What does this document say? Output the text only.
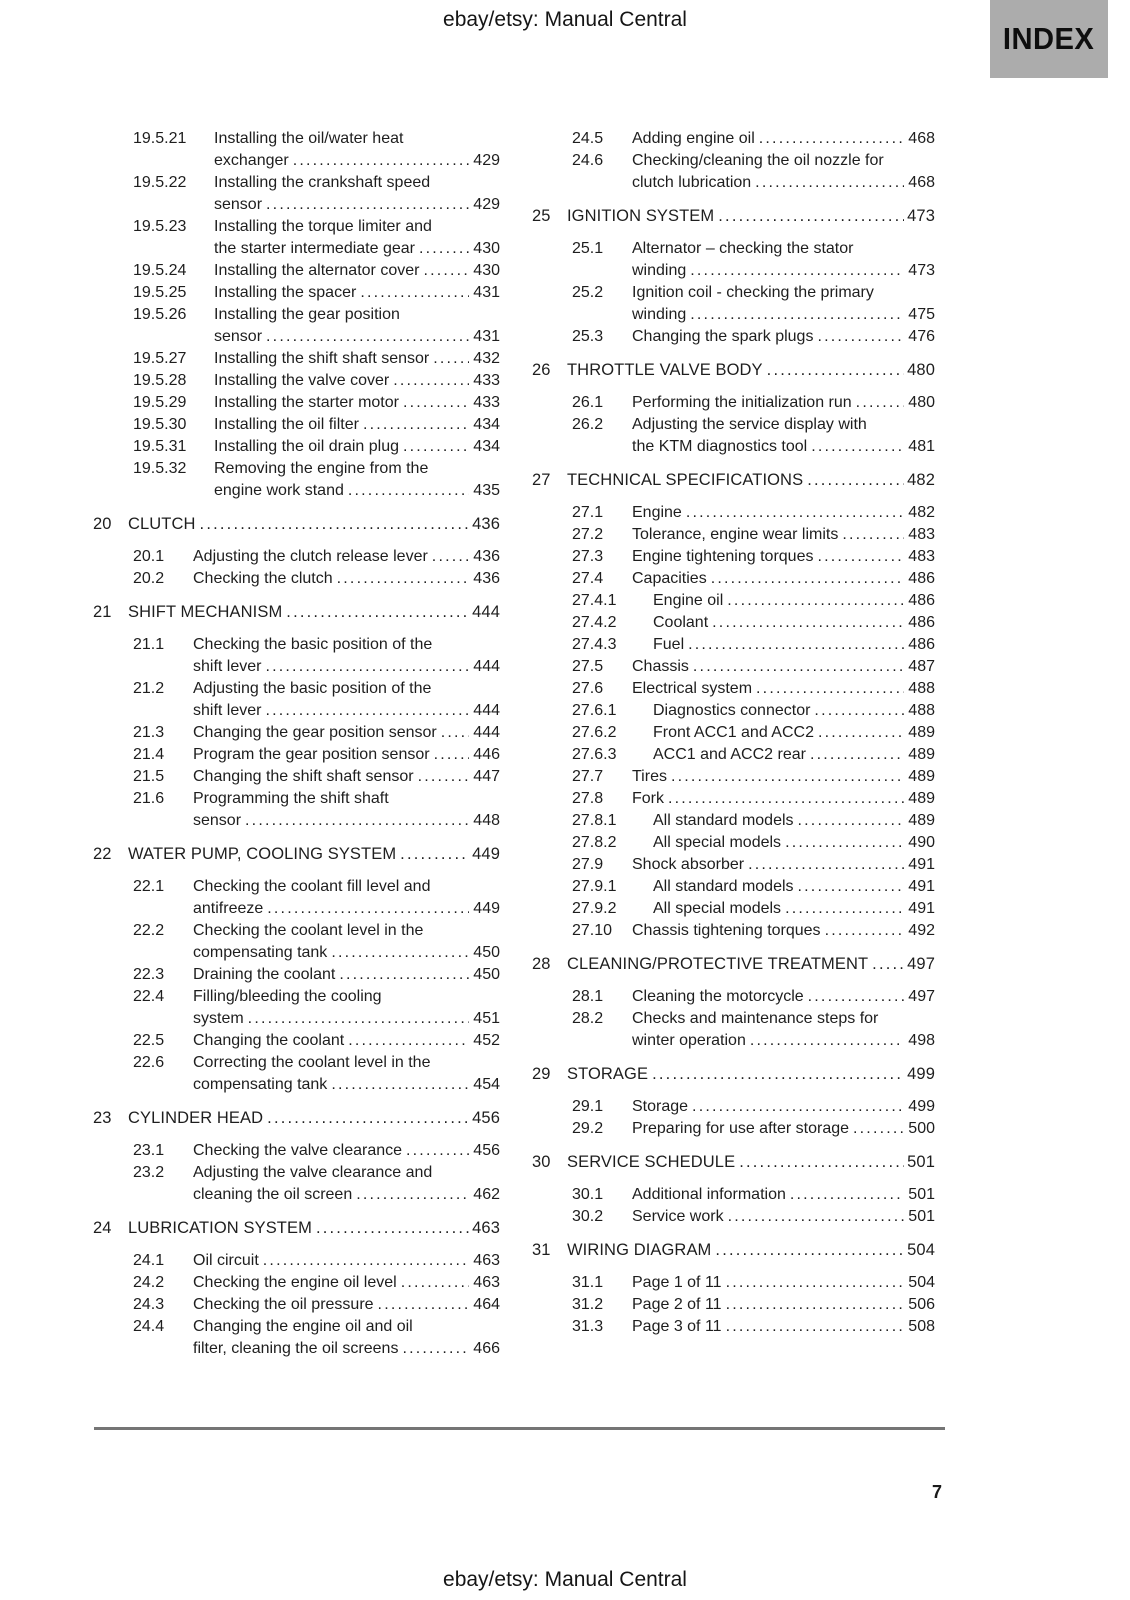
ebay/etsy: Manual Central
INDEX
19.5.21	Installing the oil/water heat
exchanger .....	429
19.5.22	Installing the crankshaft speed
sensor .....	429
19.5.23	Installing the torque limiter and
the starter intermediate gear .....	430
19.5.24	Installing the alternator cover .....	430
19.5.25	Installing the spacer .....	431
19.5.26	Installing the gear position
sensor .....	431
19.5.27	Installing the shift shaft sensor .....	432
19.5.28	Installing the valve cover .....	433
19.5.29	Installing the starter motor .....	433
19.5.30	Installing the oil filter .....	434
19.5.31	Installing the oil drain plug .....	434
19.5.32	Removing the engine from the
engine work stand .....	435
20 CLUTCH .....	436
20.1	Adjusting the clutch release lever .....	436
20.2	Checking the clutch .....	436
21 SHIFT MECHANISM .....	444
21.1	Checking the basic position of the
shift lever .....	444
21.2	Adjusting the basic position of the
shift lever .....	444
21.3	Changing the gear position sensor ..... 444
21.4	Program the gear position sensor .....	446
21.5	Changing the shift shaft sensor .....	447
21.6	Programming the shift shaft
sensor .....	448
22 WATER PUMP, COOLING SYSTEM .....	449
22.1	Checking the coolant fill level and
antifreeze .....	449
22.2	Checking the coolant level in the
compensating tank .....	450
22.3	Draining the coolant .....	450
22.4	Filling/bleeding the cooling
system .....	451
22.5	Changing the coolant .....	452
22.6	Correcting the coolant level in the
compensating tank .....	454
23 CYLINDER HEAD .....	456
23.1	Checking the valve clearance .....	456
23.2	Adjusting the valve clearance and
cleaning the oil screen .....	462
24 LUBRICATION SYSTEM .....	463
24.1	Oil circuit .....	463
24.2	Checking the engine oil level .....	463
24.3	Checking the oil pressure .....	464
24.4	Changing the engine oil and oil
filter, cleaning the oil screens .....	466
24.5	Adding engine oil .....	468
24.6	Checking/cleaning the oil nozzle for
clutch lubrication .....	468
25 IGNITION SYSTEM .....	473
25.1	Alternator – checking the stator
winding .....	473
25.2	Ignition coil - checking the primary
winding .....	475
25.3	Changing the spark plugs .....	476
26 THROTTLE VALVE BODY .....	480
26.1	Performing the initialization run .....	480
26.2	Adjusting the service display with
the KTM diagnostics tool .....	481
27 TECHNICAL SPECIFICATIONS .....	482
27.1	Engine .....	482
27.2	Tolerance, engine wear limits .....	483
27.3	Engine tightening torques .....	483
27.4	Capacities .....	486
27.4.1	Engine oil .....	486
27.4.2	Coolant .....	486
27.4.3	Fuel .....	486
27.5	Chassis .....	487
27.6	Electrical system .....	488
27.6.1	Diagnostics connector .....	488
27.6.2	Front ACC1 and ACC2 .....	489
27.6.3	ACC1 and ACC2 rear .....	489
27.7	Tires .....	489
27.8	Fork .....	489
27.8.1	All standard models .....	489
27.8.2	All special models .....	490
27.9	Shock absorber .....	491
27.9.1	All standard models .....	491
27.9.2	All special models .....	491
27.10	Chassis tightening torques .....	492
28 CLEANING/PROTECTIVE TREATMENT ..... 497
28.1	Cleaning the motorcycle .....	497
28.2	Checks and maintenance steps for
winter operation .....	498
29 STORAGE .....	499
29.1	Storage .....	499
29.2	Preparing for use after storage .....	500
30 SERVICE SCHEDULE .....	501
30.1	Additional information .....	501
30.2	Service work .....	501
31 WIRING DIAGRAM .....	504
31.1	Page 1 of 11 .....	504
31.2	Page 2 of 11 .....	506
31.3	Page 3 of 11 .....	508
7
ebay/etsy: Manual Central
